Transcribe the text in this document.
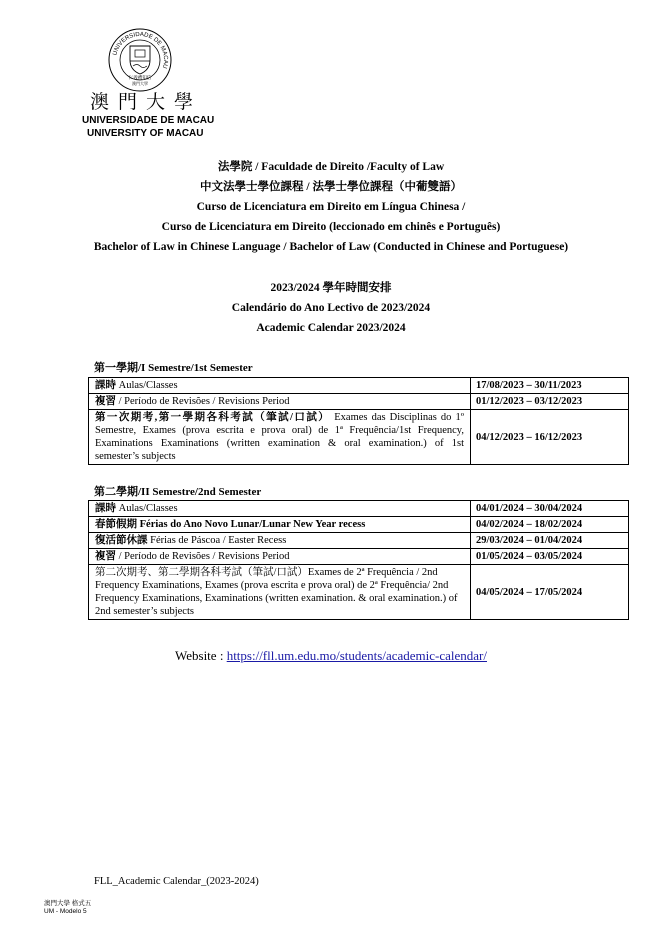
UNIVERSIDADE DE MACAU
仁義禮知信
澳門大學
澳門大學
UNIVERSIDADE DE MACAU
UNIVERSITY OF MACAU
法學院 / Faculdade de Direito /Faculty of Law
中文法學士學位課程 / 法學士學位課程（中葡雙語）
Curso de Licenciatura em Direito em Língua Chinesa /
Curso de Licenciatura em Direito (leccionado em chinês e Português)
Bachelor of Law in Chinese Language / Bachelor of Law (Conducted in Chinese and Portuguese)
2023/2024 學年時間安排
Calendário do Ano Lectivo de 2023/2024
Academic Calendar 2023/2024
第一學期/I Semestre/1st Semester
課時 Aulas/Classes	17/08/2023 – 30/11/2023
複習 / Período de Revisões / Revisions Period	01/12/2023 – 03/12/2023
第一次期考,第一學期各科考試（筆試/口試） Exames das Disciplinas do 1º Semestre, Exames (prova escrita e prova oral) de 1ª Frequência/1st Frequency, Examinations Examinations (written examination & oral examination.) of 1st semester’s subjects	04/12/2023 – 16/12/2023
第二學期/II Semestre/2nd Semester
課時 Aulas/Classes	04/01/2024 – 30/04/2024
春節假期 Férias do Ano Novo Lunar/Lunar New Year recess	04/02/2024 – 18/02/2024
復活節休課 Férias de Páscoa / Easter Recess	29/03/2024 – 01/04/2024
複習 / Período de Revisões / Revisions Period	01/05/2024 – 03/05/2024
第二次期考、第二學期各科考試（筆試/口試）Exames de 2ª Frequência / 2nd Frequency Examinations, Exames (prova escrita e prova oral) de 2ª Frequência/ 2nd Frequency Examinations, Examinations (written examination. & oral examination.) of 2nd semester’s subjects	04/05/2024 – 17/05/2024
Website : https://fll.um.edu.mo/students/academic-calendar/
FLL_Academic Calendar_(2023-2024)
澳門大學 格式五
UM - Modelo 5
